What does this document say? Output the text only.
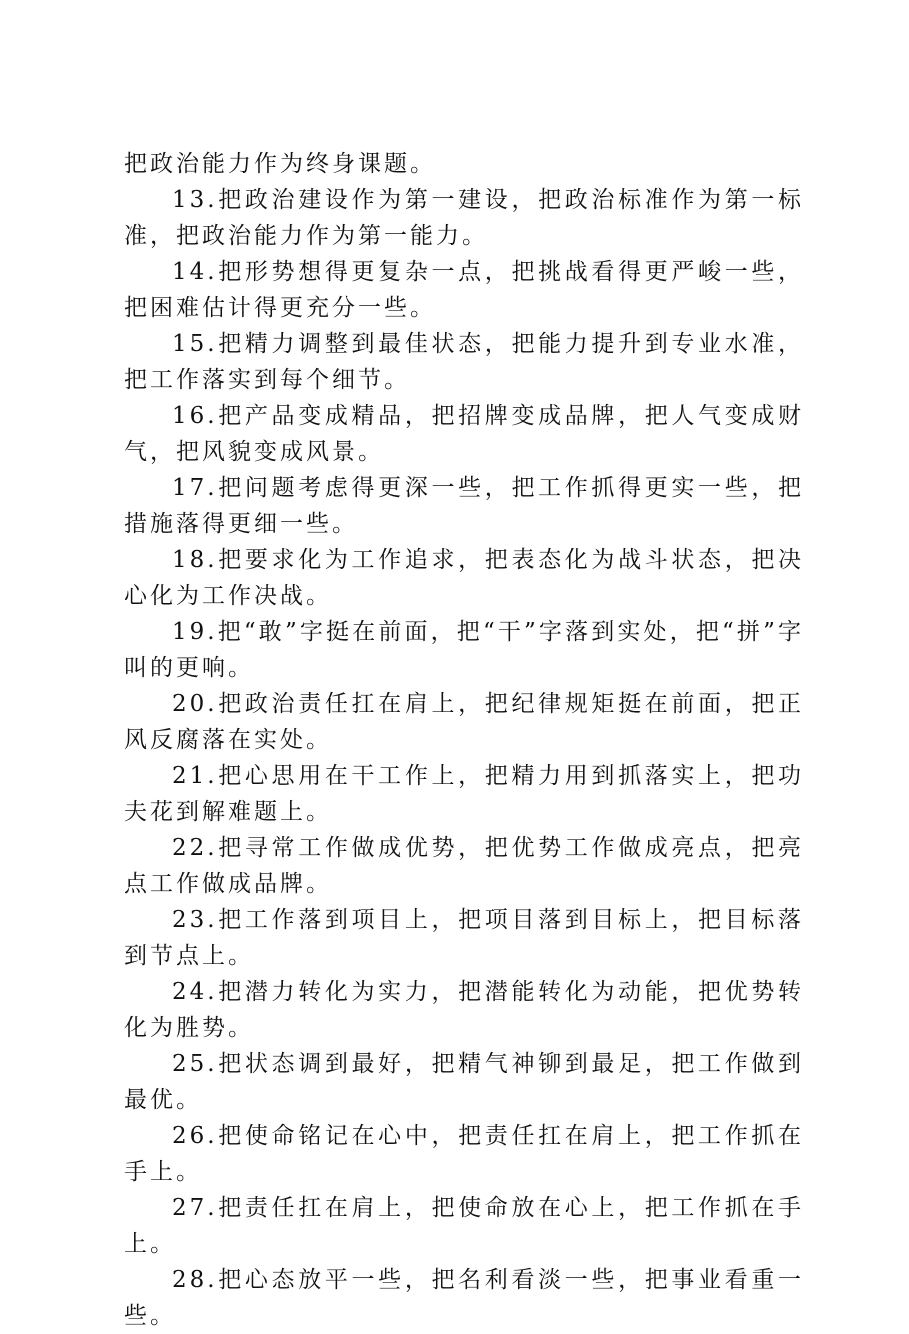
把政治能力作为终身课题。

13.把政治建设作为第一建设，把政治标准作为第一标准，把政治能力作为第一能力。

14.把形势想得更复杂一点，把挑战看得更严峻一些，把困难估计得更充分一些。

15.把精力调整到最佳状态，把能力提升到专业水准，把工作落实到每个细节。

16.把产品变成精品，把招牌变成品牌，把人气变成财气，把风貌变成风景。

17.把问题考虑得更深一些，把工作抓得更实一些，把措施落得更细一些。

18.把要求化为工作追求，把表态化为战斗状态，把决心化为工作决战。

19.把“敢”字挺在前面，把“干”字落到实处，把“拼”字叫的更响。

20.把政治责任扛在肩上，把纪律规矩挺在前面，把正风反腐落在实处。

21.把心思用在干工作上，把精力用到抓落实上，把功夫花到解难题上。

22.把寻常工作做成优势，把优势工作做成亮点，把亮点工作做成品牌。

23.把工作落到项目上，把项目落到目标上，把目标落到节点上。

24.把潜力转化为实力，把潜能转化为动能，把优势转化为胜势。

25.把状态调到最好，把精气神铆到最足，把工作做到最优。

26.把使命铭记在心中，把责任扛在肩上，把工作抓在手上。

27.把责任扛在肩上，把使命放在心上，把工作抓在手上。

28.把心态放平一些，把名利看淡一些，把事业看重一些。
